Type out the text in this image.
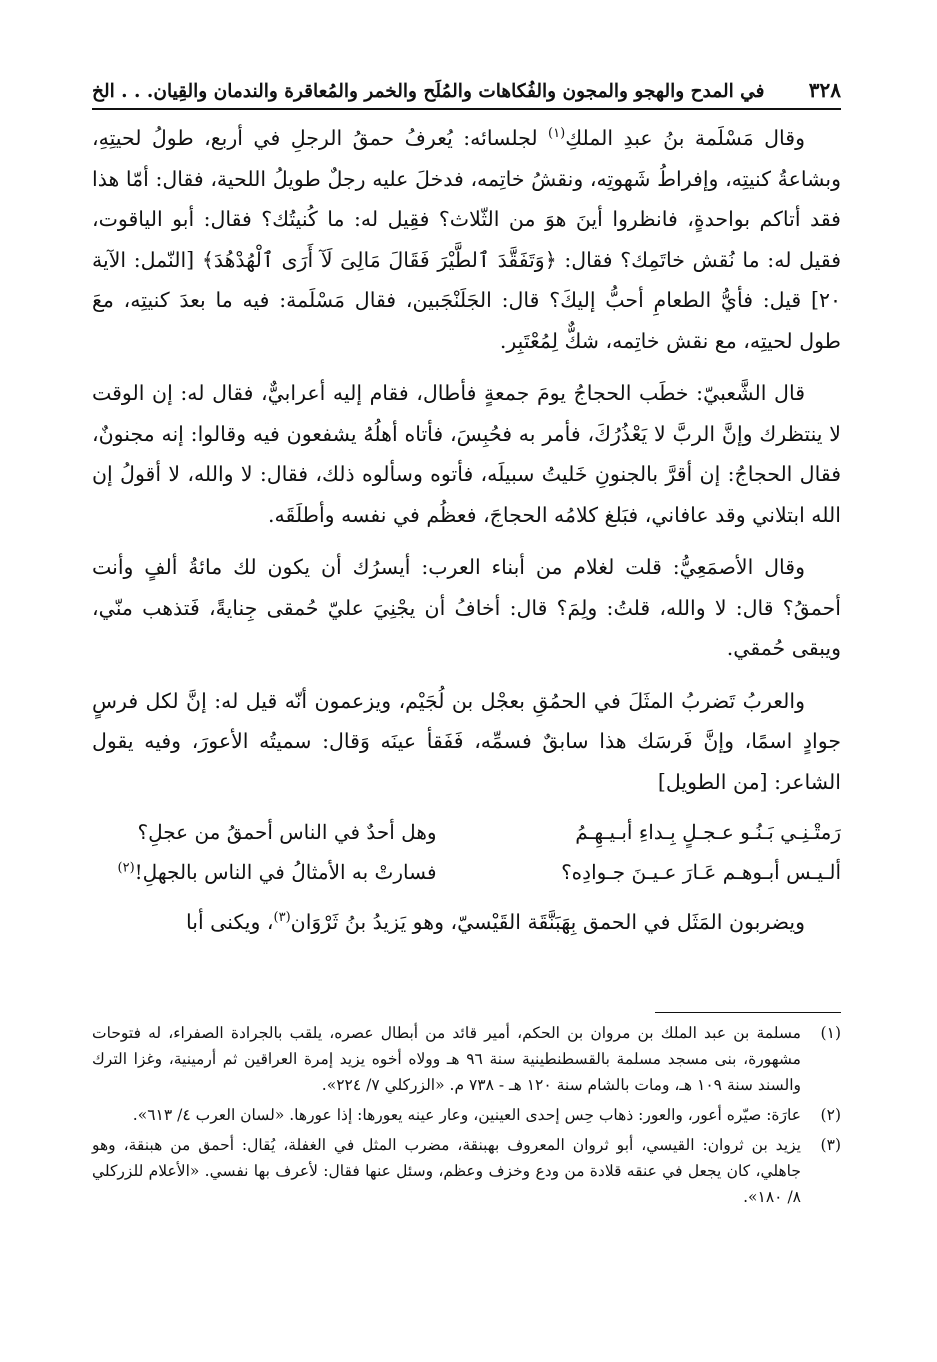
٣٢٨
في المدح والهجو والمجون والفُكاهات والمُلَح والخمر والمُعاقرة والندمان والقِيان. . . الخ

وقال مَسْلَمة بنُ عبدِ الملكِ$^{(١)}$ لجلسائه: يُعرفُ حمقُ الرجلِ في أربع، طولُ لحيتِهِ، وبشاعةُ كنيتِه، وإفراطُ شَهوتِه، ونقشُ خاتِمه، فدخلَ عليه رجلٌ طويلُ اللحية، فقال: أمّا هذا فقد أتاكم بواحدةٍ، فانظروا أينَ هوَ من الثّلاث؟ فقِيل له: ما كُنيتُك؟ فقال: أبو الياقوت، فقيل له: ما نُقش خاتَمِك؟ فقال: ﴿وَتَفَقَّدَ ٱلطَّيْرَ فَقَالَ مَالِىَ لَآ أَرَى ٱلْهُدْهُدَ﴾ [النّمل: الآية ٢٠] قيل: فأيُّ الطعامِ أحبُّ إليكَ؟ قال: الجَلَنْجَبين، فقال مَسْلَمة: فيه ما بعدَ كنيتِه، معَ طول لحيتِه، مع نقش خاتِمه، شكٌّ لِمُعْتَبِر.

قال الشَّعبيّ: خطَب الحجاجُ يومَ جمعةٍ فأطال، فقام إليه أعرابيٌّ، فقال له: إن الوقت لا ينتظرك وإنَّ الربَّ لا يَعْذُرُكَ، فأمر به فحُبِسَ، فأتاه أهلُهُ يشفعون فيه وقالوا: إنه مجنونٌ، فقال الحجاجُ: إن أقرَّ بالجنونِ خَليتُ سبيلَه، فأتوه وسألوه ذلك، فقال: لا والله، لا أقولُ إن الله ابتلاني وقد عافاني، فبَلغ كلامُه الحجاجَ، فعظُم في نفسه وأطلَقَه.

وقال الأصمَعِيُّ: قلت لغلام من أبناء العرب: أيسرُك أن يكون لك مائةُ ألفٍ وأنت أحمقُ؟ قال: لا والله، قلتُ: ولِمَ؟ قال: أخافُ أن يجْنِيَ عليّ حُمقى جِنايةً، فَتذهب منّي، ويبقى حُمقي.

والعربُ تَضربُ المثَلَ في الحمُقِ بعجْل بن لُجَيْم، ويزعمون أنّه قيل له: إنَّ لكل فرسٍ جوادٍ اسمًا، وإنَّ فَرسَك هذا سابقٌ فسمِّه، فَفَقأ عينَه وَقال: سميتُه الأعورَ، وفيه يقول الشاعر: [من الطويل]

رَمتْـنِـي بَـنُـو عـجـلٍ بِـداءِ أبـيـهِـمُ
وهل أحدٌ في الناس أحمقُ من عجلِ؟
ألـيـس أبـوهـم عَـارَ عـيـنَ جـوادِه؟
فسارتْ به الأمثالُ في الناس بالجهلِ!$^{(٢)}$

ويضربون المَثَل في الحمق بِهَبَنَّقَة القَيْسيّ، وهو يَزيدُ بنُ ثَرْوَان$^{(٣)}$، ويكنى أبا

(١)
مسلمة بن عبد الملك بن مروان بن الحكم، أمير قائد من أبطال عصره، يلقب بالجرادة الصفراء، له فتوحات مشهورة، بنى مسجد مسلمة بالقسطنطينية سنة ٩٦ هـ وولاه أخوه يزيد إمرة العراقين ثم أرمينية، وغزا الترك والسند سنة ١٠٩ هـ، ومات بالشام سنة ١٢٠ هـ - ٧٣٨ م. «الزركلي ٧/ ٢٢٤».
(٢)
عارَة: صيّره أعور، والعور: ذهاب حِس إحدى العينين، وعار عينه يعورها: إذا عورها. «لسان العرب ٤/ ٦١٣».
(٣)
يزيد بن ثروان: القيسي، أبو ثروان المعروف بهبنقة، مضرب المثل في الغفلة، يُقال: أحمق من هبنقة، وهو جاهلي، كان يجعل في عنقه قلادة من ودع وخزف وعظم، وسئل عنها فقال: لأعرف بها نفسي. «الأعلام للزركلي ٨/ ١٨٠».
